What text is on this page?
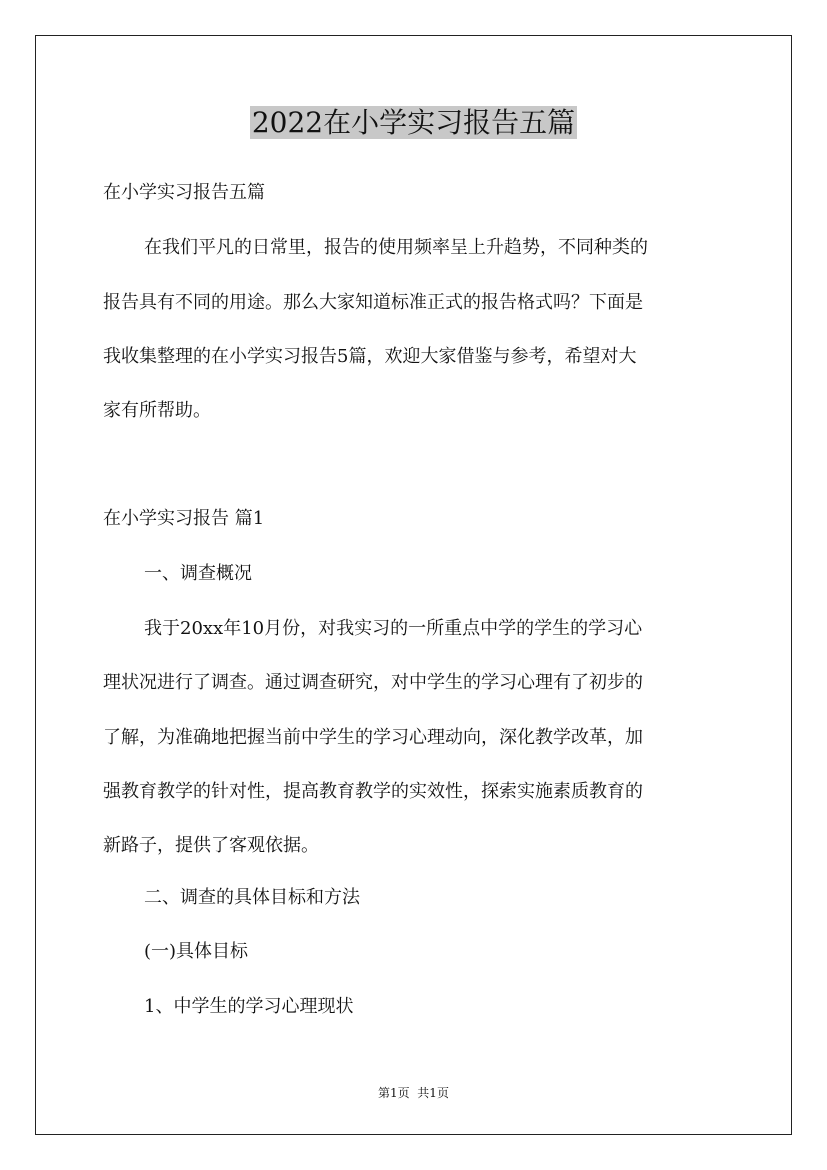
2022在小学实习报告五篇
在小学实习报告五篇
在我们平凡的日常里，报告的使用频率呈上升趋势，不同种类的
报告具有不同的用途。那么大家知道标准正式的报告格式吗？下面是
我收集整理的在小学实习报告5篇，欢迎大家借鉴与参考，希望对大
家有所帮助。
在小学实习报告 篇1
一、调查概况
我于20xx年10月份，对我实习的一所重点中学的学生的学习心
理状况进行了调查。通过调查研究，对中学生的学习心理有了初步的
了解，为准确地把握当前中学生的学习心理动向，深化教学改革，加
强教育教学的针对性，提高教育教学的实效性，探索实施素质教育的
新路子，提供了客观依据。
二、调查的具体目标和方法
(一)具体目标
1、中学生的学习心理现状
第1页  共1页
